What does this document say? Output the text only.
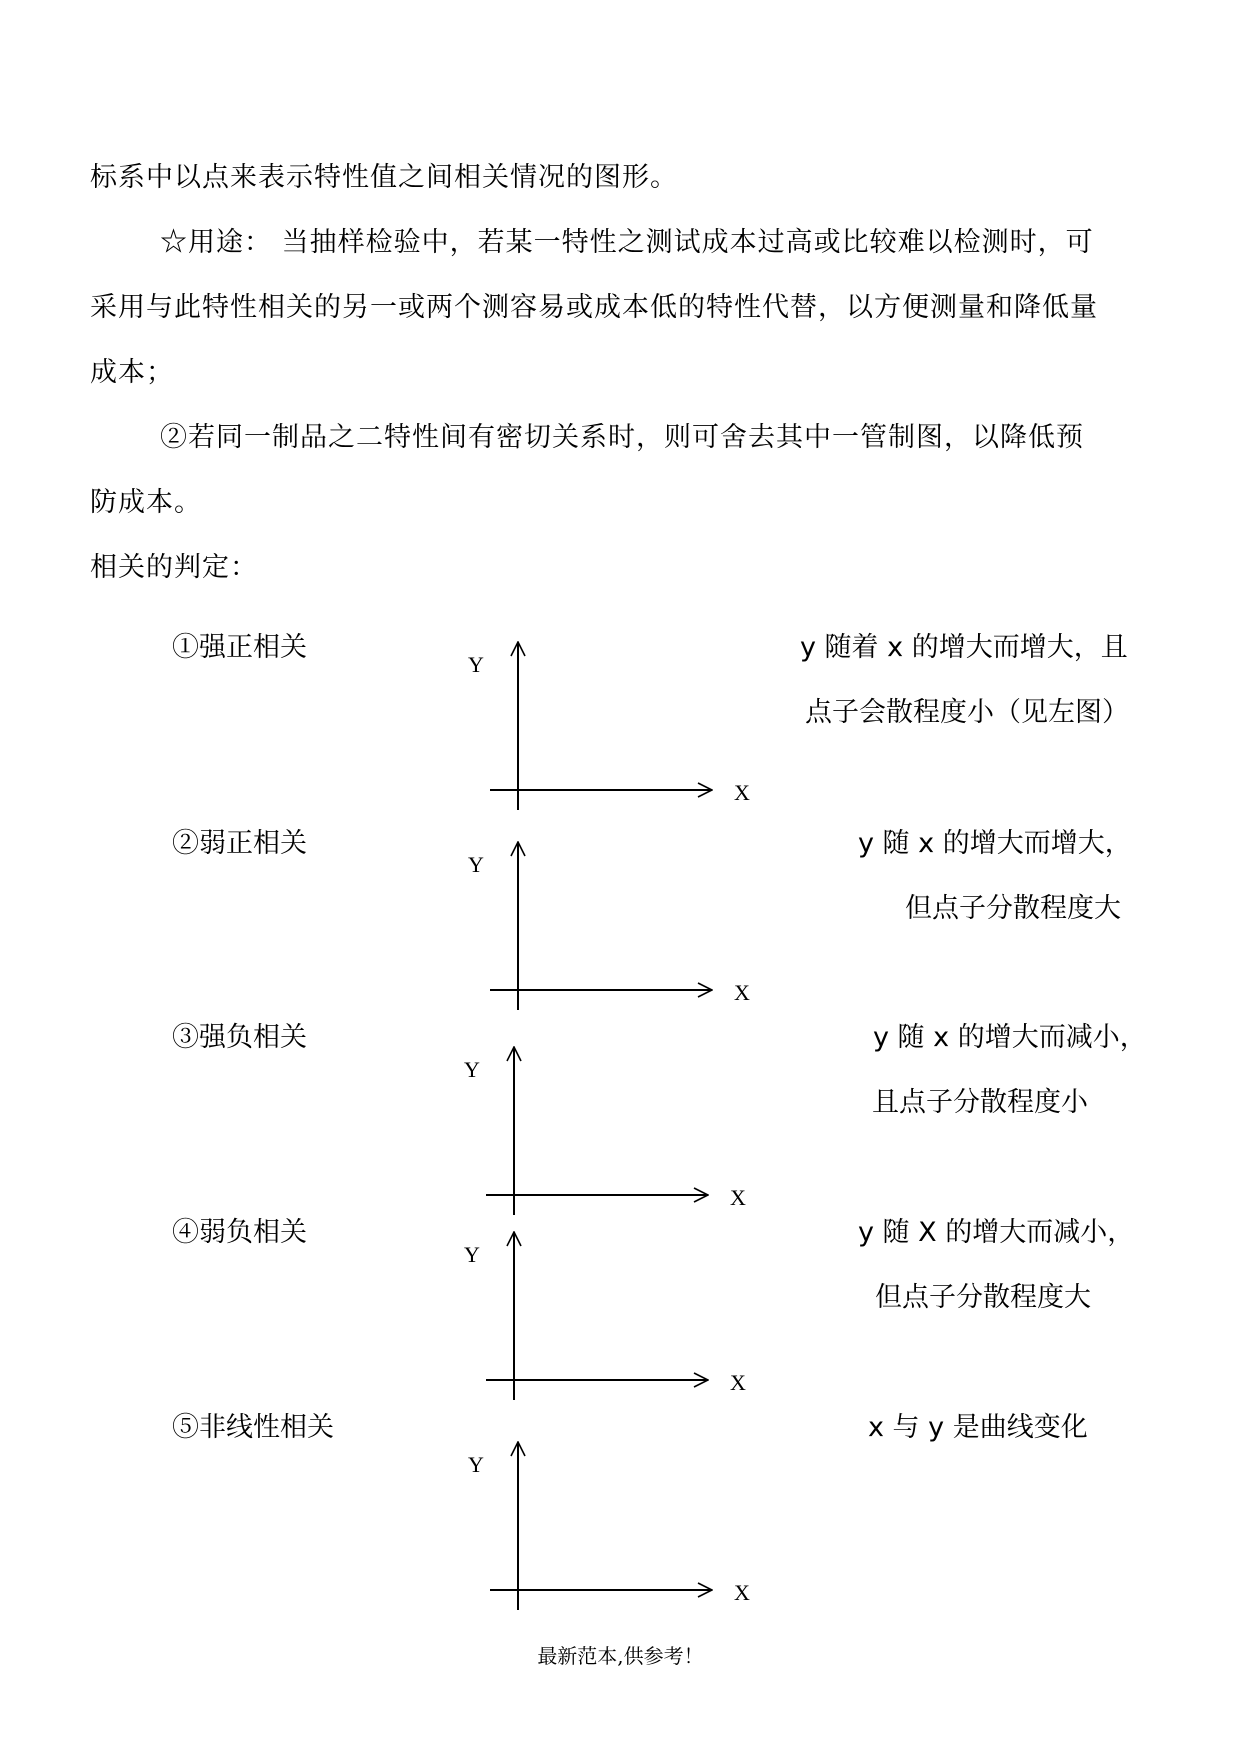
标系中以点来表示特性值之间相关情况的图形。
☆用途： 当抽样检验中，若某一特性之测试成本过高或比较难以检测时，可
采用与此特性相关的另一或两个测容易或成本低的特性代替，以方便测量和降低量
成本；
②若同一制品之二特性间有密切关系时，则可舍去其中一管制图，以降低预
防成本。
相关的判定：
①强正相关	y 随着 x 的增大而增大，且
点子会散程度小（见左图）
②弱正相关	y 随 x 的增大而增大，
但点子分散程度大
③强负相关	y 随 x 的增大而减小，
且点子分散程度小
④弱负相关	y 随 X 的增大而减小，
但点子分散程度大
⑤非线性相关	x 与 y 是曲线变化
Y
X
Y
X
Y
X
Y
X
Y
X
最新范本,供参考！
